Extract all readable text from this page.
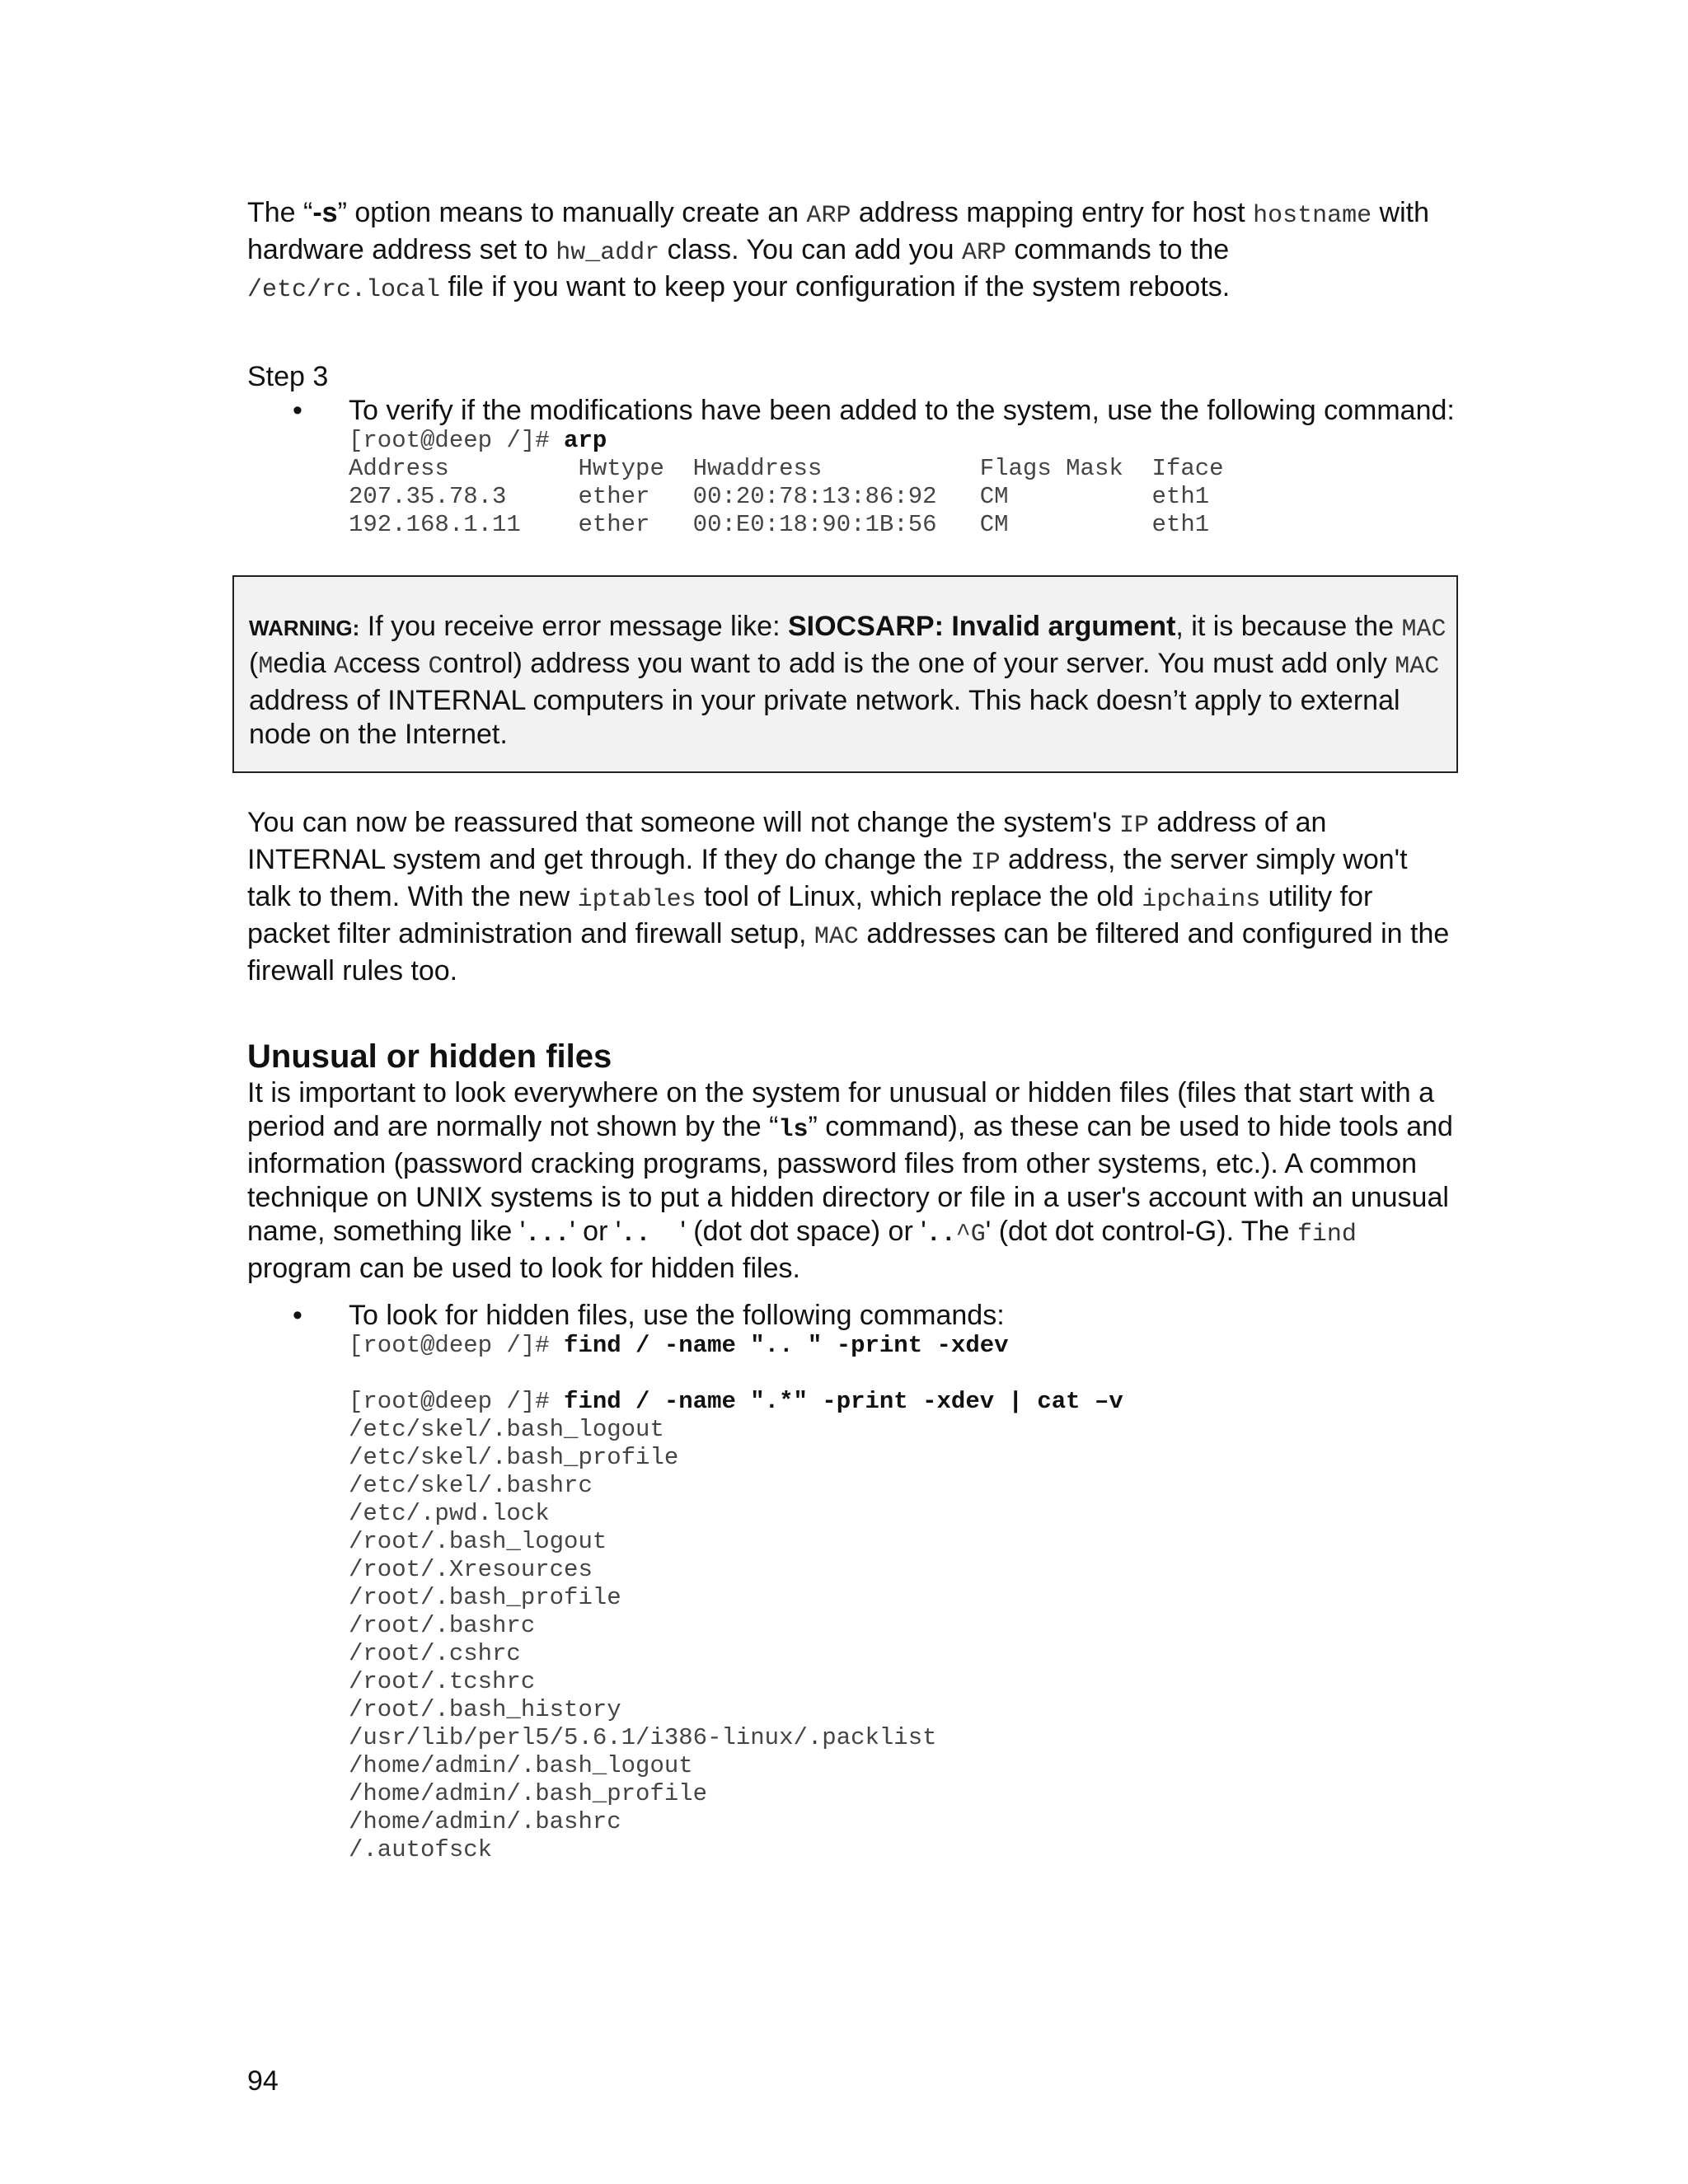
The “-s” option means to manually create an ARP address mapping entry for host hostname with
hardware address set to hw_addr class. You can add you ARP commands to the
/etc/rc.local file if you want to keep your configuration if the system reboots.

Step 3
• To verify if the modifications have been added to the system, use the following command:
[root@deep /]# arp
Address         Hwtype  Hwaddress           Flags Mask  Iface
207.35.78.3     ether   00:20:78:13:86:92   CM          eth1
192.168.1.11    ether   00:E0:18:90:1B:56   CM          eth1

WARNING: If you receive error message like: SIOCSARP: Invalid argument, it is because the MAC
(Media Access Control) address you want to add is the one of your server. You must add only MAC
address of INTERNAL computers in your private network. This hack doesn’t apply to external
node on the Internet.

You can now be reassured that someone will not change the system's IP address of an
INTERNAL system and get through. If they do change the IP address, the server simply won't
talk to them. With the new iptables tool of Linux, which replace the old ipchains utility for
packet filter administration and firewall setup, MAC addresses can be filtered and configured in the
firewall rules too.

Unusual or hidden files

It is important to look everywhere on the system for unusual or hidden files (files that start with a
period and are normally not shown by the “ls” command), as these can be used to hide tools and
information (password cracking programs, password files from other systems, etc.). A common
technique on UNIX systems is to put a hidden directory or file in a user's account with an unusual
name, something like '...' or '..  ' (dot dot space) or '..^G' (dot dot control-G). The find
program can be used to look for hidden files.

• To look for hidden files, use the following commands:
[root@deep /]# find / -name ".. " -print -xdev

[root@deep /]# find / -name ".*" -print -xdev | cat –v
/etc/skel/.bash_logout
/etc/skel/.bash_profile
/etc/skel/.bashrc
/etc/.pwd.lock
/root/.bash_logout
/root/.Xresources
/root/.bash_profile
/root/.bashrc
/root/.cshrc
/root/.tcshrc
/root/.bash_history
/usr/lib/perl5/5.6.1/i386-linux/.packlist
/home/admin/.bash_logout
/home/admin/.bash_profile
/home/admin/.bashrc
/.autofsck
94
